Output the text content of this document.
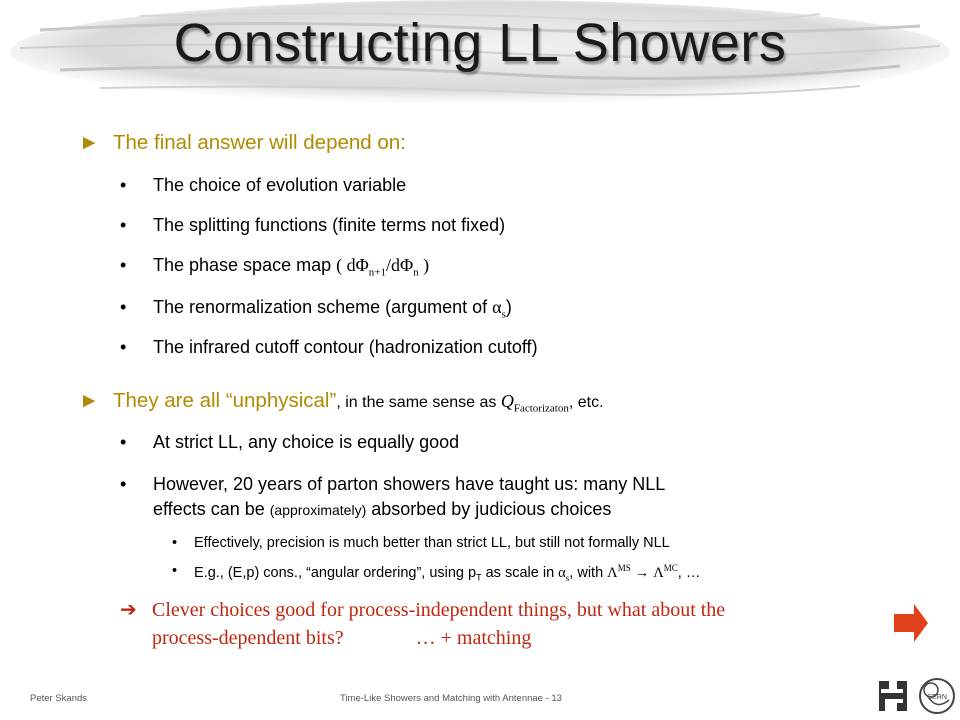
Constructing LL Showers
► The final answer will depend on:
• The choice of evolution variable
• The splitting functions (finite terms not fixed)
• The phase space map ( $d\Phi_{n+1}/d\Phi_n$ )
• The renormalization scheme (argument of $\alpha_s$)
• The infrared cutoff contour (hadronization cutoff)
► They are all “unphysical”, in the same sense as $Q_{Factorizaton}$, etc.
• At strict LL, any choice is equally good
• However, 20 years of parton showers have taught us: many NLL
effects can be (approximately) absorbed by judicious choices
• Effectively, precision is much better than strict LL, but still not formally NLL
• E.g., (E,p) cons., “angular ordering”, using $p_T$ as scale in $\alpha_s$, with $\Lambda^{MS} \to \Lambda^{MC}$, …
➔ Clever choices good for process-independent things, but what about the
process-dependent bits?	… + matching
Peter Skands	Time-Like Showers and Matching with Antennae - 13	CERN
